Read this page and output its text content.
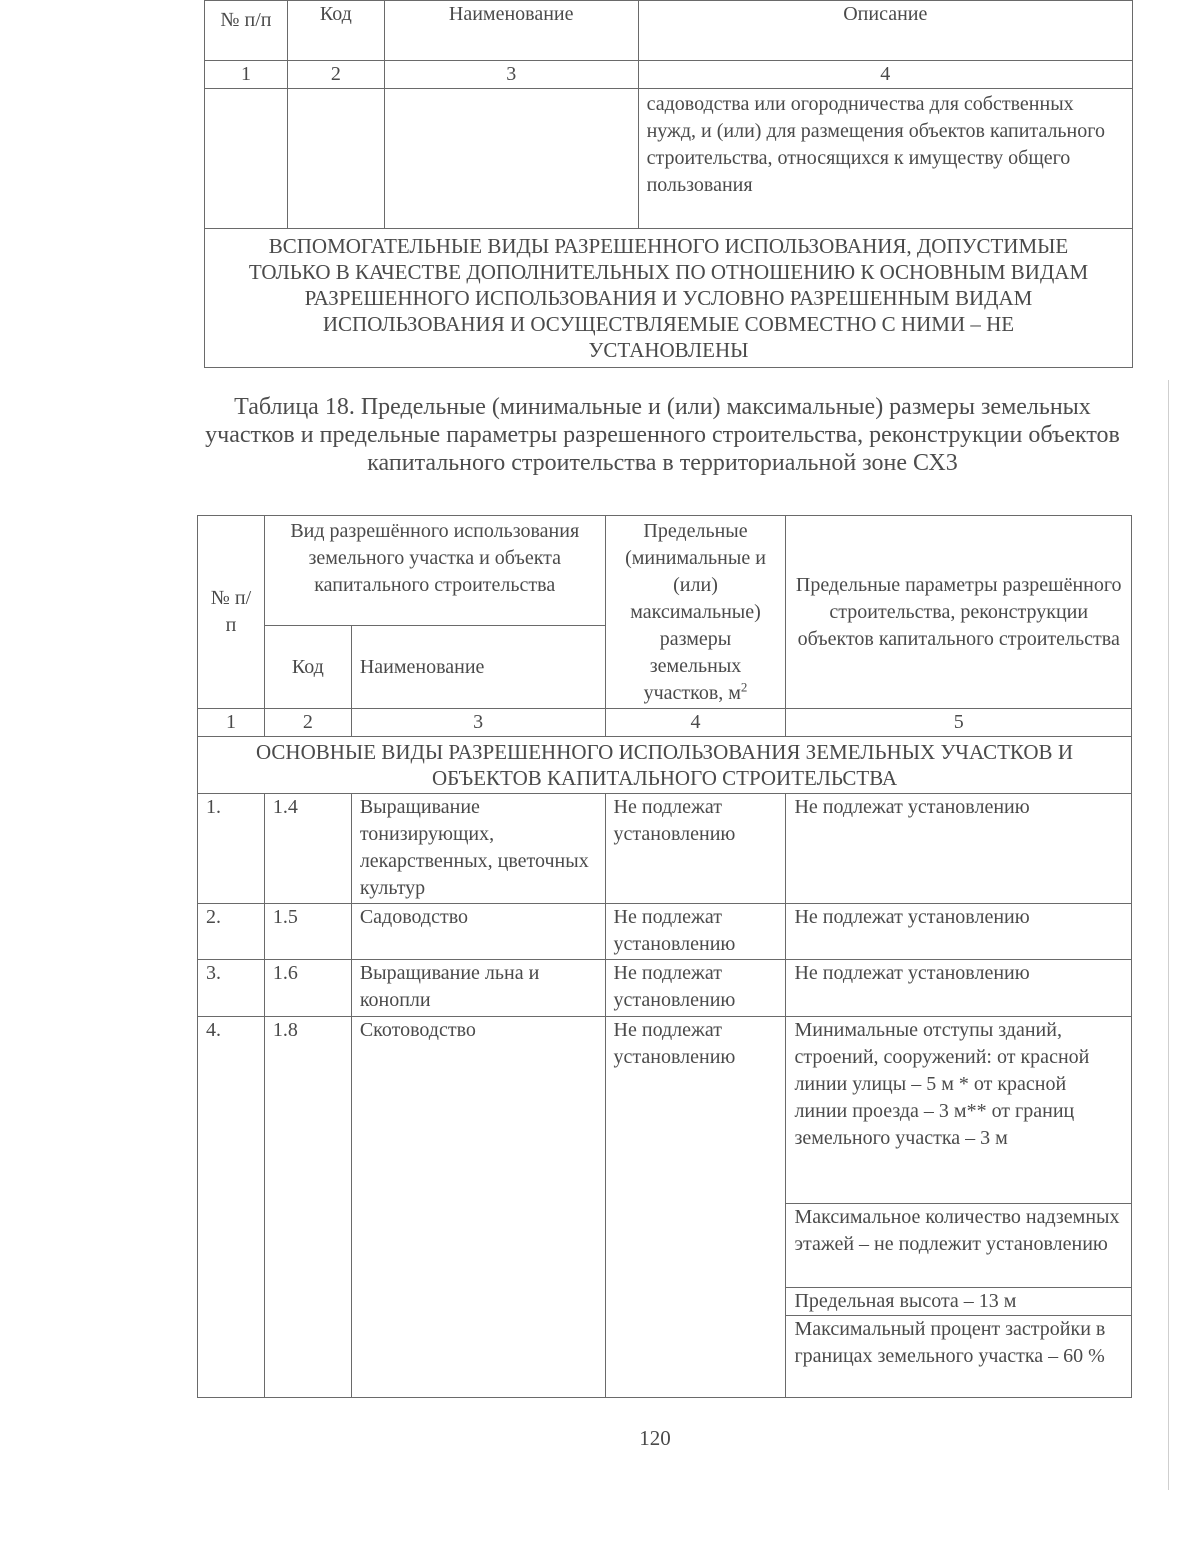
№ п/п	Код	Наименование	Описание
1	2	3	4
			садоводства или огородничества для собственных нужд, и (или) для размещения объектов капитального строительства, относящихся к имуществу общего пользования
ВСПОМОГАТЕЛЬНЫЕ ВИДЫ РАЗРЕШЕННОГО ИСПОЛЬЗОВАНИЯ, ДОПУСТИМЫЕ ТОЛЬКО В КАЧЕСТВЕ ДОПОЛНИТЕЛЬНЫХ ПО ОТНОШЕНИЮ К ОСНОВНЫМ ВИДАМ РАЗРЕШЕННОГО ИСПОЛЬЗОВАНИЯ И УСЛОВНО РАЗРЕШЕННЫМ ВИДАМ ИСПОЛЬЗОВАНИЯ И ОСУЩЕСТВЛЯЕМЫЕ СОВМЕСТНО С НИМИ – НЕ УСТАНОВЛЕНЫ			
Таблица 18. Предельные (минимальные и (или) максимальные) размеры земельных участков и предельные параметры разрешенного строительства, реконструкции объектов капитального строительства в территориальной зоне СХ3
№ п/п	Вид разрешённого использования земельного участка и объекта капитального строительства		Предельные (минимальные и (или) максимальные) размеры земельных участков, $м^2$	Предельные параметры разрешённого строительства, реконструкции объектов капитального строительства
	Код	Наименование		
1	2	3	4	5
ОСНОВНЫЕ ВИДЫ РАЗРЕШЕННОГО ИСПОЛЬЗОВАНИЯ ЗЕМЕЛЬНЫХ УЧАСТКОВ И ОБЪЕКТОВ КАПИТАЛЬНОГО СТРОИТЕЛЬСТВА				
1.	1.4	Выращивание тонизирующих, лекарственных, цветочных культур	Не подлежат установлению	Не подлежат установлению
2.	1.5	Садоводство	Не подлежат установлению	Не подлежат установлению
3.	1.6	Выращивание льна и конопли	Не подлежат установлению	Не подлежат установлению
4.	1.8	Скотоводство	Не подлежат установлению	Минимальные отступы зданий, строений, сооружений: от красной линии улицы – 5 м * от красной линии проезда – 3 м** от границ земельного участка – 3 м
				Максимальное количество надземных этажей – не подлежит установлению
				Предельная высота – 13 м
				Максимальный процент застройки в границах земельного участка – 60 %
120
